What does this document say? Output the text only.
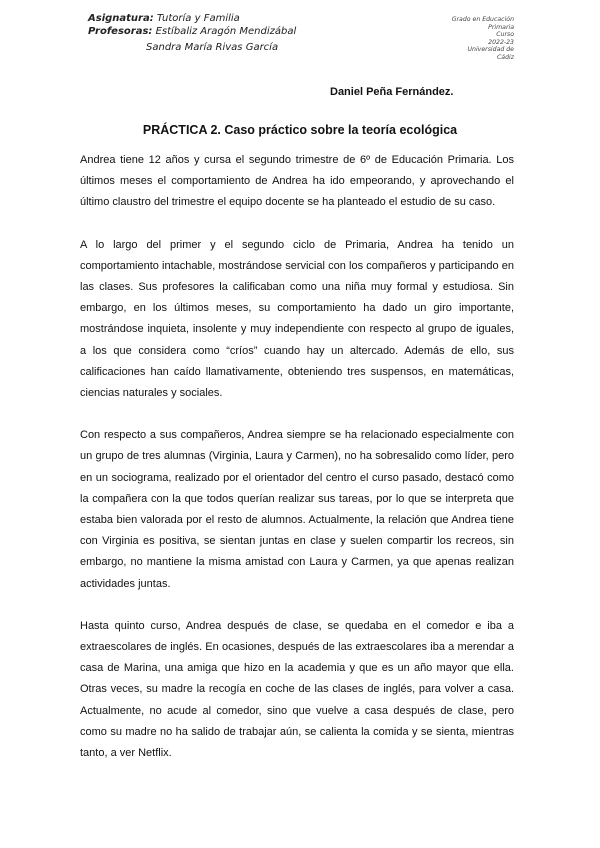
Asignatura: Tutoría y Familia
Profesoras: Estíbaliz Aragón Mendizábal
Sandra María Rivas García
Grado en Educación
Primaria
Curso
2022-23
Universidad de
Cádiz
Daniel Peña Fernández.
PRÁCTICA 2. Caso práctico sobre la teoría ecológica

Andrea tiene 12 años y cursa el segundo trimestre de 6º de Educación Primaria. Los últimos meses el comportamiento de Andrea ha ido empeorando, y aprovechando el último claustro del trimestre el equipo docente se ha planteado el estudio de su caso.

A lo largo del primer y el segundo ciclo de Primaria, Andrea ha tenido un comportamiento intachable, mostrándose servicial con los compañeros y participando en las clases. Sus profesores la calificaban como una niña muy formal y estudiosa. Sin embargo, en los últimos meses, su comportamiento ha dado un giro importante, mostrándose inquieta, insolente y muy independiente con respecto al grupo de iguales, a los que considera como “críos” cuando hay un altercado. Además de ello, sus calificaciones han caído llamativamente, obteniendo tres suspensos, en matemáticas, ciencias naturales y sociales.

Con respecto a sus compañeros, Andrea siempre se ha relacionado especialmente con un grupo de tres alumnas (Virginia, Laura y Carmen), no ha sobresalido como líder, pero en un sociograma, realizado por el orientador del centro el curso pasado, destacó como la compañera con la que todos querían realizar sus tareas, por lo que se interpreta que estaba bien valorada por el resto de alumnos. Actualmente, la relación que Andrea tiene con Virginia es positiva, se sientan juntas en clase y suelen compartir los recreos, sin embargo, no mantiene la misma amistad con Laura y Carmen, ya que apenas realizan actividades juntas.

Hasta quinto curso, Andrea después de clase, se quedaba en el comedor e iba a extraescolares de inglés. En ocasiones, después de las extraescolares iba a merendar a casa de Marina, una amiga que hizo en la academia y que es un año mayor que ella. Otras veces, su madre la recogía en coche de las clases de inglés, para volver a casa. Actualmente, no acude al comedor, sino que vuelve a casa después de clase, pero como su madre no ha salido de trabajar aún, se calienta la comida y se sienta, mientras tanto, a ver Netflix.
